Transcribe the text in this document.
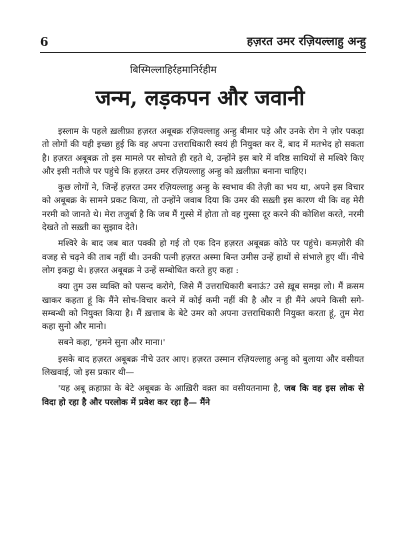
6	हज़रत उमर रज़ियल्लाहु अन्हु
बिस्मिल्लाहिर्रहमानिर्रहीम
जन्म, लड़कपन और जवानी

इस्लाम के पहले ख़लीफ़ा हज़रत अबूबक्र रज़ियल्लाहु अन्हु बीमार पड़े और उनके रोग ने ज़ोर पकड़ा तो लोगों की यही इच्छा हुई कि वह अपना उत्तराधिकारी स्वयं ही नियुक्त कर दें, बाद में मतभेद हो सकता है। हज़रत अबूबक्र तो इस मामले पर सोचते ही रहते थे, उन्होंने इस बारे में वरिष्ठ साथियों से मश्विरे किए और इसी नतीजे पर पहुंचे कि हज़रत उमर रज़ियल्लाहु अन्हु को ख़लीफ़ा बनाना चाहिए।

कुछ लोगों ने, जिन्हें हज़रत उमर रज़ियल्लाहु अन्हु के स्वभाव की तेज़ी का भय था, अपने इस विचार को अबूबक्र के सामने प्रकट किया, तो उन्होंने जवाब दिया कि उमर की सख़्ती इस कारण थी कि वह मेरी नरमी को जानते थे। मेरा तजुर्बा है कि जब मैं गुस्से में होता तो वह गुस्सा दूर करने की कोशिश करते, नरमी देखते तो सख़्ती का सुझाव देते।

मश्विरे के बाद जब बात पक्की हो गई तो एक दिन हज़रत अबूबक्र कोठे पर पहुंचे। कमज़ोरी की वजह से चढ़ने की ताब नहीं थी। उनकी पत्नी हज़रत अस्मा बिन्त उमीस उन्हें हाथों से संभाले हुए थीं। नीचे लोग इकट्ठा थे। हज़रत अबूबक्र ने उन्हें सम्बोधित करते हुए कहा :

क्या तुम उस व्यक्ति को पसन्द करोगे, जिसे मैं उत्तराधिकारी बनाऊं? उसे ख़ूब समझ लो। मैं क़सम खाकर कहता हूं कि मैंने सोच-विचार करने में कोई कमी नहीं की है और न ही मैंने अपने किसी सगे-सम्बन्धी को नियुक्त किया है। मैं ख़त्ताब के बेटे उमर को अपना उत्तराधिकारी नियुक्त करता हूं, तुम मेरा कहा सुनो और मानो।

सबने कहा, 'हमने सुना और माना।'

इसके बाद हज़रत अबूबक्र नीचे उतर आए। हज़रत उस्मान रज़ियल्लाहु अन्हु को बुलाया और वसीयत लिखवाई, जो इस प्रकार थी—

'यह अबू क़हाफ़ा के बेटे अबूबक्र के आख़िरी वक़्त का वसीयतनामा है, जब कि वह इस लोक से विदा हो रहा है और परलोक में प्रवेश कर रहा है— मैंने
